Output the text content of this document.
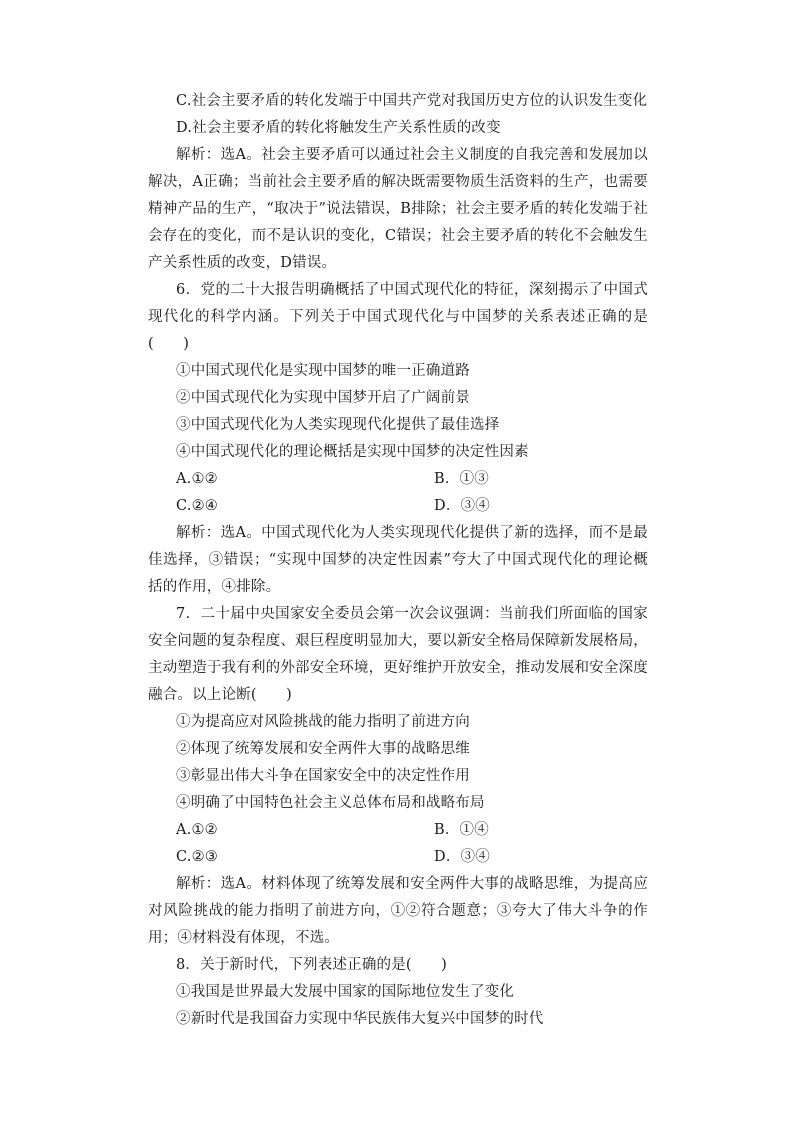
C.社会主要矛盾的转化发端于中国共产党对我国历史方位的认识发生变化
D.社会主要矛盾的转化将触发生产关系性质的改变
解析：选A。社会主要矛盾可以通过社会主义制度的自我完善和发展加以解决，A正确；当前社会主要矛盾的解决既需要物质生活资料的生产，也需要精神产品的生产，“取决于”说法错误，B排除；社会主要矛盾的转化发端于社会存在的变化，而不是认识的变化，C错误；社会主要矛盾的转化不会触发生产关系性质的改变，D错误。
6．党的二十大报告明确概括了中国式现代化的特征，深刻揭示了中国式现代化的科学内涵。下列关于中国式现代化与中国梦的关系表述正确的是(　　)
①中国式现代化是实现中国梦的唯一正确道路
②中国式现代化为实现中国梦开启了广阔前景
③中国式现代化为人类实现现代化提供了最佳选择
④中国式现代化的理论概括是实现中国梦的决定性因素
A.①②	B．①③
C.②④	D．③④
解析：选A。中国式现代化为人类实现现代化提供了新的选择，而不是最佳选择，③错误；“实现中国梦的决定性因素”夸大了中国式现代化的理论概括的作用，④排除。
7．二十届中央国家安全委员会第一次会议强调：当前我们所面临的国家安全问题的复杂程度、艰巨程度明显加大，要以新安全格局保障新发展格局，主动塑造于我有利的外部安全环境，更好维护开放安全，推动发展和安全深度融合。以上论断(　　)
①为提高应对风险挑战的能力指明了前进方向
②体现了统筹发展和安全两件大事的战略思维
③彰显出伟大斗争在国家安全中的决定性作用
④明确了中国特色社会主义总体布局和战略布局
A.①②	B．①④
C.②③	D．③④
解析：选A。材料体现了统筹发展和安全两件大事的战略思维，为提高应对风险挑战的能力指明了前进方向，①②符合题意；③夸大了伟大斗争的作用；④材料没有体现，不选。
8．关于新时代，下列表述正确的是(　　)
①我国是世界最大发展中国家的国际地位发生了变化
②新时代是我国奋力实现中华民族伟大复兴中国梦的时代
